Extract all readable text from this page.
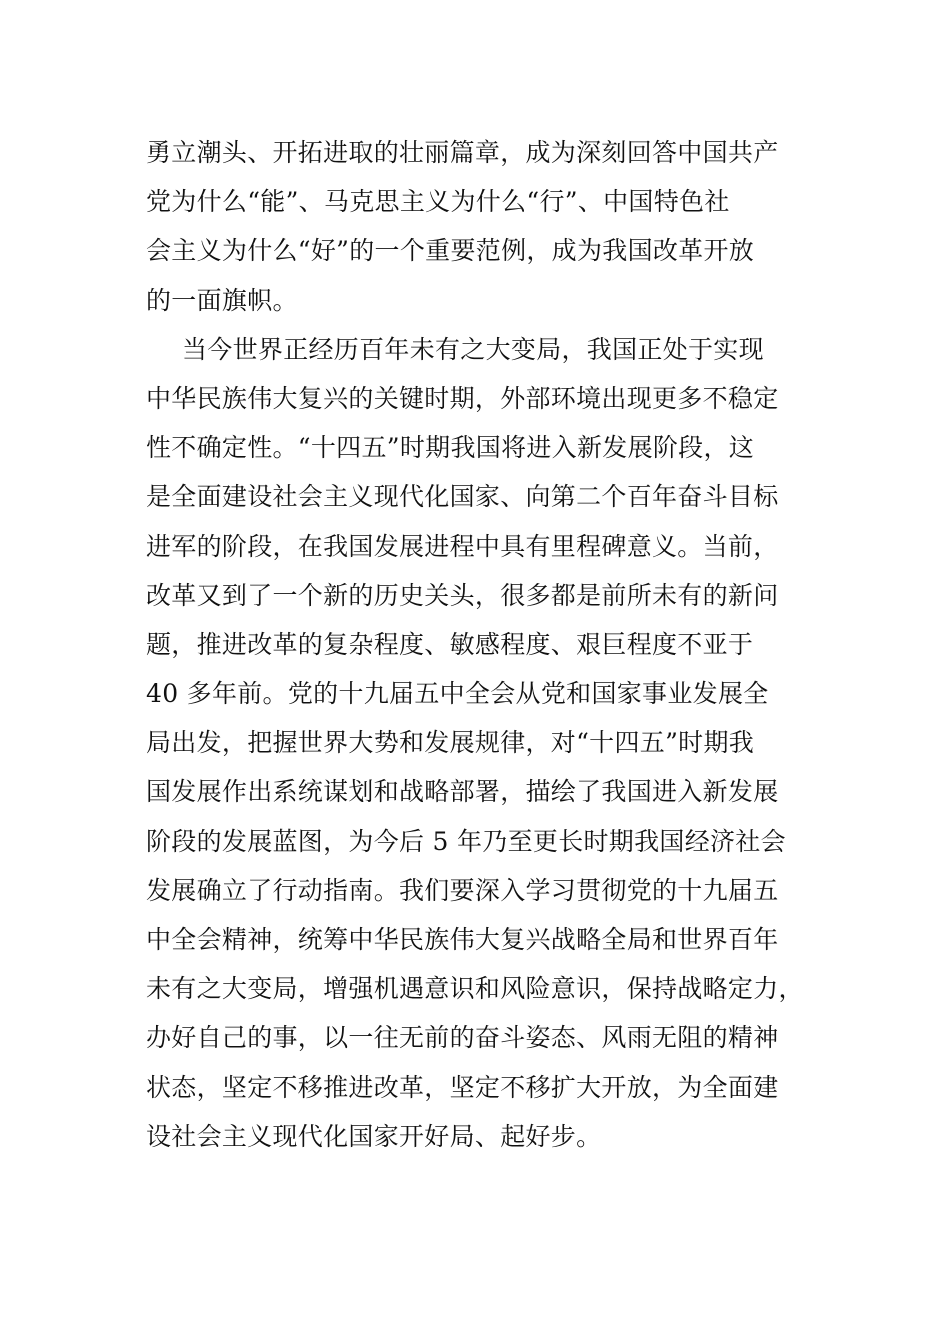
勇立潮头、开拓进取的壮丽篇章，成为深刻回答中国共产
党为什么“能”、马克思主义为什么“行”、中国特色社
会主义为什么“好”的一个重要范例，成为我国改革开放
的一面旗帜。
当今世界正经历百年未有之大变局，我国正处于实现
中华民族伟大复兴的关键时期，外部环境出现更多不稳定
性不确定性。“十四五”时期我国将进入新发展阶段，这
是全面建设社会主义现代化国家、向第二个百年奋斗目标
进军的阶段，在我国发展进程中具有里程碑意义。当前，
改革又到了一个新的历史关头，很多都是前所未有的新问
题，推进改革的复杂程度、敏感程度、艰巨程度不亚于
40 多年前。党的十九届五中全会从党和国家事业发展全
局出发，把握世界大势和发展规律，对“十四五”时期我
国发展作出系统谋划和战略部署，描绘了我国进入新发展
阶段的发展蓝图，为今后 5 年乃至更长时期我国经济社会
发展确立了行动指南。我们要深入学习贯彻党的十九届五
中全会精神，统筹中华民族伟大复兴战略全局和世界百年
未有之大变局，增强机遇意识和风险意识，保持战略定力，
办好自己的事，以一往无前的奋斗姿态、风雨无阻的精神
状态，坚定不移推进改革，坚定不移扩大开放，为全面建
设社会主义现代化国家开好局、起好步。
